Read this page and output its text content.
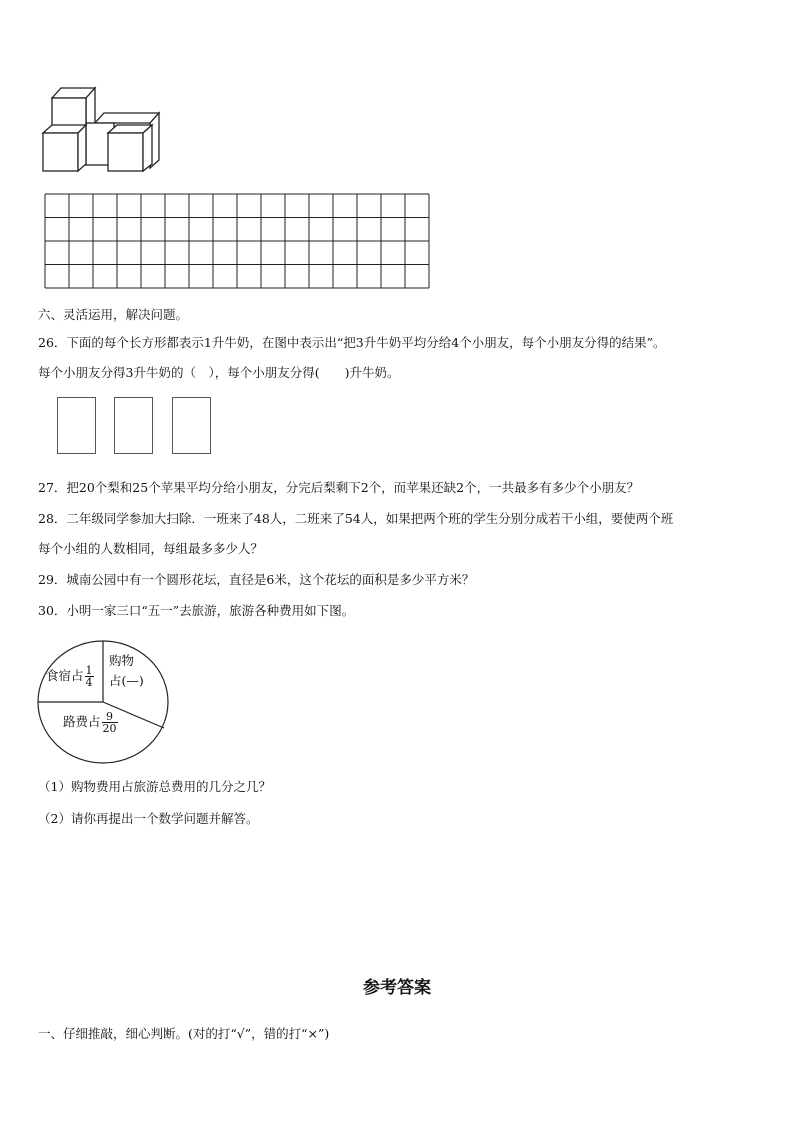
六、灵活运用，解决问题。
26．下面的每个长方形都表示1升牛奶，在图中表示出“把3升牛奶平均分给4个小朋友，每个小朋友分得的结果”。
每个小朋友分得3升牛奶的（　），每个小朋友分得(　　)升牛奶。
27．把20个梨和25个苹果平均分给小朋友，分完后梨剩下2个，而苹果还缺2个，一共最多有多少个小朋友？
28．二年级同学参加大扫除．一班来了48人，二班来了54人，如果把两个班的学生分别分成若干小组，要使两个班
每个小组的人数相同，每组最多多少人？
29．城南公园中有一个圆形花坛，直径是6米，这个花坛的面积是多少平方米？
30．小明一家三口“五一”去旅游，旅游各种费用如下图。
食宿占 $\frac{1}{4}$
购物
占(—)
路费占 $\frac{9}{20}$
（1）购物费用占旅游总费用的几分之几？
（2）请你再提出一个数学问题并解答。
参考答案
一、仔细推敲，细心判断。(对的打“√”，错的打“×”)
